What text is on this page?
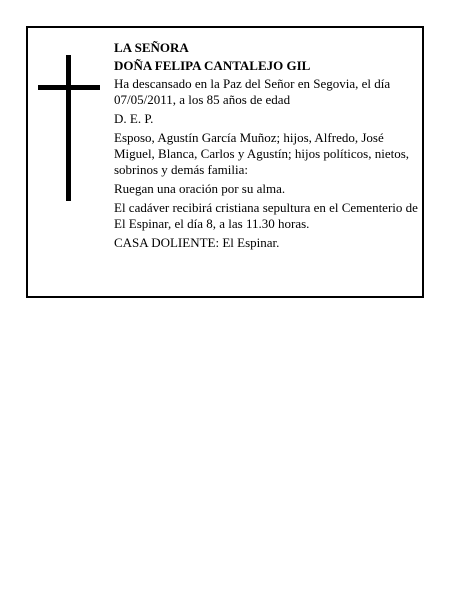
LA SEÑORA

DOÑA FELIPA CANTALEJO GIL

Ha descansado en la Paz del Señor en Segovia, el día 07/05/2011, a los 85 años de edad

D. E. P.

Esposo, Agustín García Muñoz; hijos, Alfredo, José Miguel, Blanca, Carlos y Agustín; hijos políticos, nietos, sobrinos y demás familia:

Ruegan una oración por su alma.

El cadáver recibirá cristiana sepultura en el Cementerio de El Espinar, el día 8, a las 11.30 horas.

CASA DOLIENTE: El Espinar.
